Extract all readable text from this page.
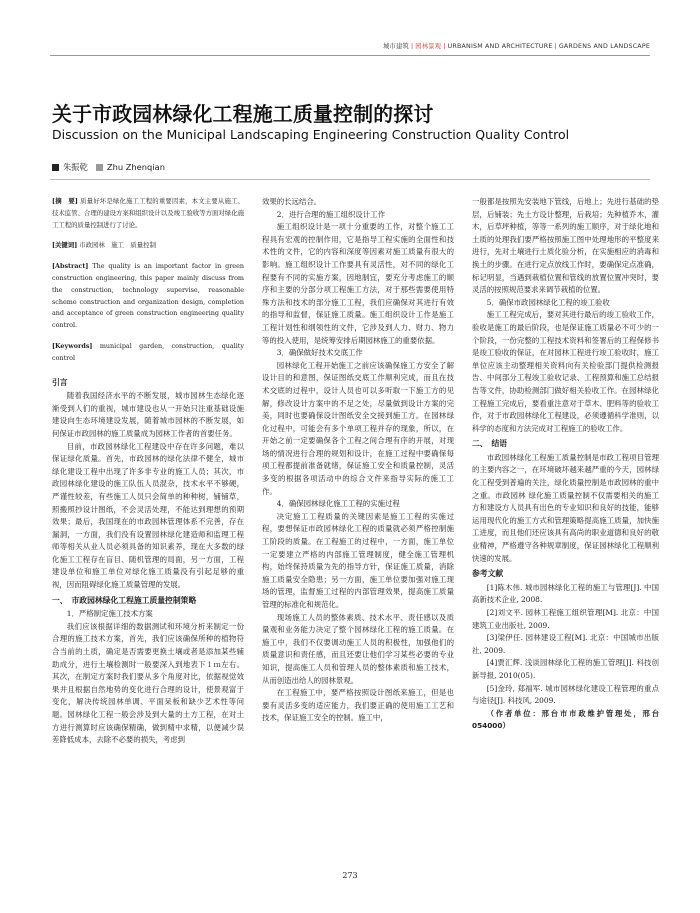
城市建筑 | 园林景观 | URBANISM AND ARCHITECTURE | GARDENS AND LANDSCAPE
关于市政园林绿化工程施工质量控制的探讨
Discussion on the Municipal Landscaping Engineering Construction Quality Control
朱振乾 Zhu Zhenqian

[摘　要] 质量好坏是绿化施工工程的重要因素，本文主要从施工、技术监管、合理的建设方案和组织设计以及竣工验收等方面对绿化施工工程的质量控制进行了讨论。

[关键词] 市政园林　施工　质量控制

[Abstract] The quality is an important factor in green construction engineering, this paper mainly discuss from the construction, technology supervise, reasonable scheme construction and organization design, completion and acceptance of green construction engineering quality control.

[Keywords] municipal garden, construction, quality control

引言

随着我国经济水平的不断发展，城市园林生态绿化逐渐受到人们的重视，城市建设也从一开始只注重基础设施建设向生态环境建设发展，随着城市园林的不断发展，如何保证市政园林的施工质量成为园林工作者的首要任务。

目前，市政园林绿化工程建设中存在许多问题，难以保证绿化质量。首先，市政园林的绿化法律不健全，城市绿化建设工程中出现了许多非专业的施工人员；其次，市政园林绿化建设的施工队伍人员混杂，技术水平不够硬，严谨性较差，有些施工人员只会简单的种种树，铺铺草，照搬照抄设计图纸，不会灵活处理，不能达到理想的预期效果；最后，我国现在的市政园林管理体系不完善，存在漏洞，一方面，我们没有设置园林绿化建造师和监理工程师等相关从业人员必须具备的知识素养，现在大多数的绿化施工工程存在盲目、随机管理的局面，另一方面，工程建设单位和施工单位对绿化施工质量没有引起足够的重视，因而阻碍绿化施工质量管理的发展。

一、　市政园林绿化工程施工质量控制策略

1．严格制定施工技术方案

我们应该根据详细的数据测试和环境分析来制定一份合理的施工技术方案，首先，我们应该确保所种的植物符合当前的土质，确定是否需要更换土壤或者是添加某些辅助成分，进行土壤检测时一般要深入到地表下１ｍ左右。其次，在制定方案时我们要从多个角度对比，依据视觉效果并且根据自然地势的变化进行合理的设计，使景观富于变化，解决传统园林单调、平面呆板和缺少艺术性等问题。园林绿化工程一般会涉及到大量的土方工程，在对土方进行测算时应该确保精确，做到精中求精，以便减少误差降低成本，去除不必要的损失，考虑到

效果的长远结合。

2．进行合理的施工组织设计工作

施工组织设计是一项十分重要的工作，对整个施工工程具有宏观的控制作用，它是指导工程实施的全面性和技术性的文件，它的内容和深度等因素对施工质量有很大的影响。施工组织设计工作要具有灵活性，对不同的绿化工程要有不同的实施方案，因地制宜，要充分考虑施工的顺序和主要的分部分项工程施工方法，对于那些需要使用特殊方法和技术的部分施工工程，我们应确保对其进行有效的指导和监督，保证施工质量。施工组织设计工作是施工工程计划性和纲领性的文件，它涉及到人力、财力、物力等的投入使用，是统筹安排后期园林施工的重要依据。

3．确保做好技术交底工作

园林绿化工程开始施工之前应该确保施工方安全了解设计目的和意图，保证图纸交底工作顺利完成，而且在技术交底的过程中，设计人员也可以多听取一下施工方的见解，修改设计方案中的不足之处，尽量做到设计方案的完美，同时也要确保设计图纸安全交接到施工方。在园林绿化过程中，可能会有多个单项工程并存的现象，所以，在开始之前一定要确保各个工程之间合理有序的开展，对现场的情况进行合理的规划和设计，在施工过程中要确保每项工程都提前准备就绪，保证施工安全和质量控制，灵活多变的根据各项活动中的综合文件来指导实际的施工工作。

4．确保园林绿化施工工程的实施过程

决定施工工程质量的关键因素是施工工程的实施过程，要想保证市政园林绿化工程的质量就必须严格控制施工阶段的质量。在工程施工的过程中，一方面，施工单位一定要建立严格的内部施工管理制度，健全施工管理机构，始终保持质量为先的指导方针，保证施工质量，消除施工质量安全隐患；另一方面，施工单位要加强对施工现场的管理，监督施工过程的内部管理效果，提高施工质量管理的标准化和规范化。

现场施工人员的整体素质、技术水平、责任感以及质量观和业务能力决定了整个园林绿化工程的施工质量。在施工中，我们不仅要调动施工人员的积极性，加强他们的质量意识和责任感，而且还要让他们学习某些必要的专业知识，提高施工人员和管理人员的整体素质和施工技术，从而创造出给人的园林景观。

在工程施工中，要严格按照设计图纸来施工，但是也要有灵活多变的适应能力，我们要正确的使用施工工艺和技术，保证施工安全的控制。施工中，

一般都是按照先安装地下管线，后地上；先进行基础的垫层，后铺装；先土方设计整理，后栽培；先种植乔木，灌木，后草坪种植，等等一系列的施工顺序，对于绿化地和土质的处理我们要严格按照施工图中处理地形的平整度来进行，先对土壤进行土质化验分析，在实施相应的消毒和换土的步骤。在进行定点放线工作时，要确保定点准确，标记明显，当遇到栽植位置和管线的放置位置冲突时，要灵活的按照规范要求来调节栽植的位置。

5．确保市政园林绿化工程的竣工验收

施工工程完成后，要对其进行最后的竣工验收工作，验收是施工的最后阶段，也是保证施工质量必不可少的一个阶段，一份完整的工程技术资料和签署后的工程保修书是竣工验收的保证，在对园林工程进行竣工验收时，施工单位应该主动整理相关资料向有关检验部门提供检测报告、中间部分工程竣工验收记录、工程预算和施工总结报告等文件，协助检测部门做好相关验收工作。在园林绿化工程施工完成后，要看重注意对于草木、肥料等的验收工作，对于市政园林绿化工程建设，必须遵循科学准则，以科学的态度和方法完成对工程施工的验收工作。

二、　结语

市政园林绿化工程施工质量控制是市政工程项目管理的主要内容之一，在环境破坏越来越严重的今天，园林绿化工程受到普遍的关注，绿化质量控制是市政园林的重中之重。市政园林 绿化施工质量控制不仅需要相关的施工方和建设方人员具有出色的专业知识和良好的技能，能够运用现代化的施工方式和管理策略提高施工质量，加快施工进度，而且他们还应该具有高尚的职业道德和良好的敬业精神，严格遵守各种规章制度，保证园林绿化工程顺利快速的发展。

参考文献

[1]陈木伟. 城市园林绿化工程的施工与管理[J]. 中国高新技术企业, 2008.

[2]刘文平. 园林工程施工组织管理[M]. 北京：中国建筑工业出版社, 2009.

[3]梁伊任. 园林建设工程[M]. 北京：中国城市出版社, 2009.

[4]贾汇辉. 浅谈园林绿化工程的施工管理[J]. 科技创新导报, 2010(05).

[5]金玲, 郑福军. 城市园林绿化建设工程管理的重点与途径[J]. 科技风, 2009.

（作者单位：邢台市市政维护管理处，邢台054000）

273
